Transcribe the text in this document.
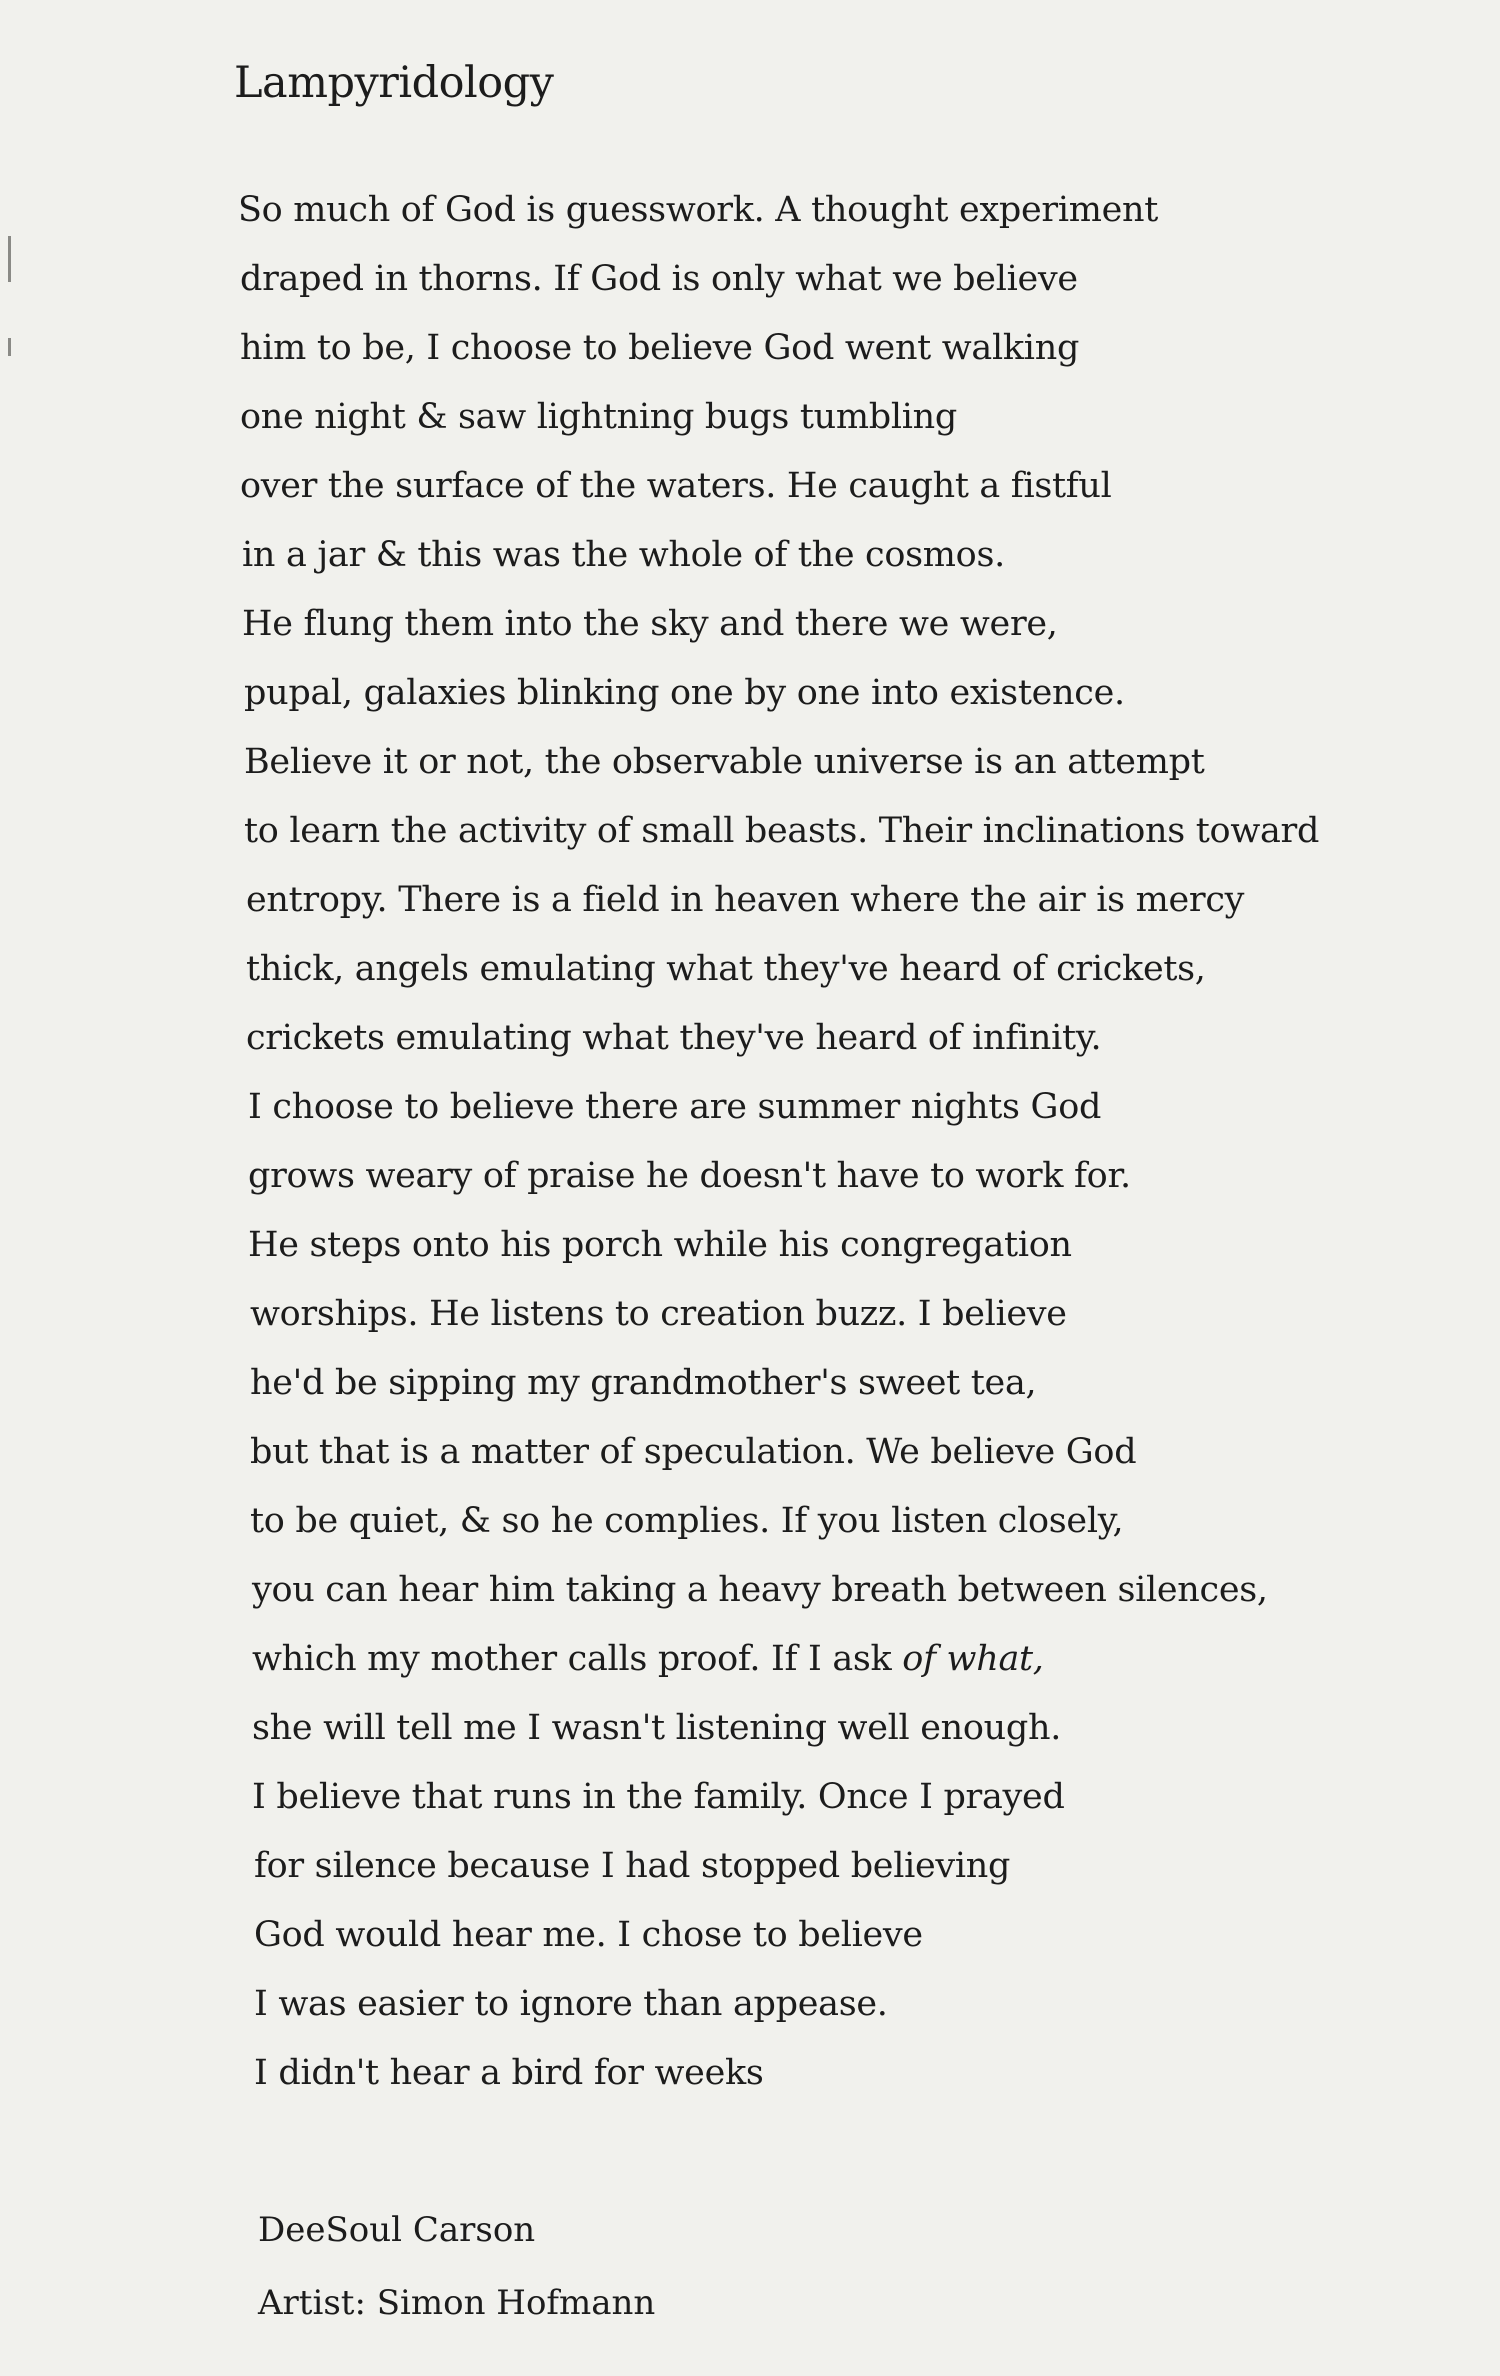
Lampyridology
So much of God is guesswork. A thought experiment
draped in thorns. If God is only what we believe
him to be, I choose to believe God went walking
one night & saw lightning bugs tumbling
over the surface of the waters. He caught a fistful
in a jar & this was the whole of the cosmos.
He flung them into the sky and there we were,
pupal, galaxies blinking one by one into existence.
Believe it or not, the observable universe is an attempt
to learn the activity of small beasts. Their inclinations toward
entropy. There is a field in heaven where the air is mercy
thick, angels emulating what they've heard of crickets,
crickets emulating what they've heard of infinity.
I choose to believe there are summer nights God
grows weary of praise he doesn't have to work for.
He steps onto his porch while his congregation
worships. He listens to creation buzz. I believe
he'd be sipping my grandmother's sweet tea,
but that is a matter of speculation. We believe God
to be quiet, & so he complies. If you listen closely,
you can hear him taking a heavy breath between silences,
which my mother calls proof. If I ask of what,
she will tell me I wasn't listening well enough.
I believe that runs in the family. Once I prayed
for silence because I had stopped believing
God would hear me. I chose to believe
I was easier to ignore than appease.
I didn't hear a bird for weeks
DeeSoul Carson
Artist: Simon Hofmann
